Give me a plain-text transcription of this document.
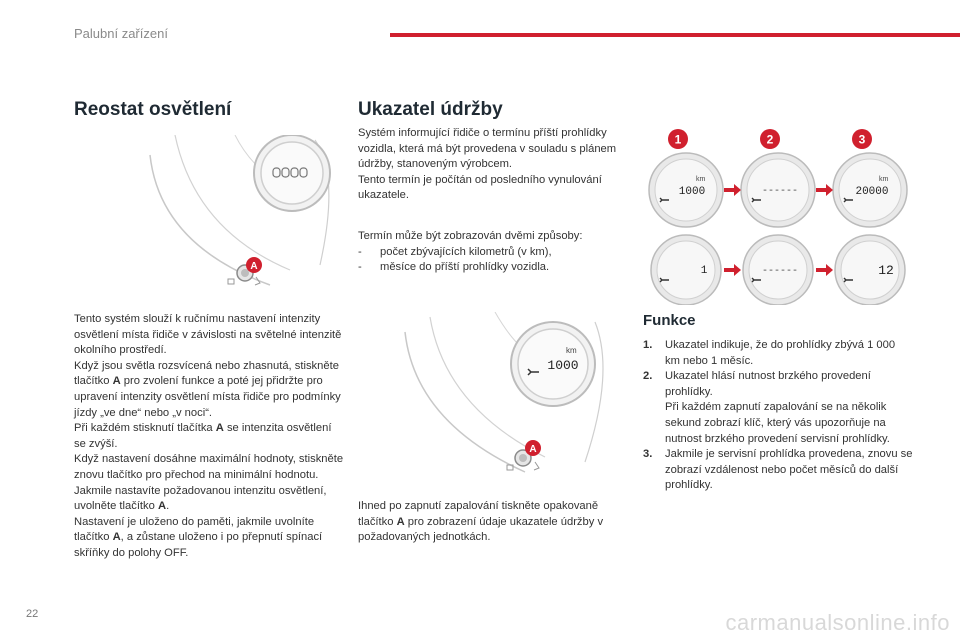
Palubní zařízení
Reostat osvětlení
A

Tento systém slouží k ručnímu nastavení intenzity osvětlení místa řidiče v závislosti na světelné intenzitě okolního prostředí.

Když jsou světla rozsvícená nebo zhasnutá, stiskněte tlačítko A pro zvolení funkce a poté jej přidržte pro upravení intenzity osvětlení místa řidiče pro podmínky jízdy „ve dne“ nebo „v noci“.

Při každém stisknutí tlačítka A se intenzita osvětlení se zvýší.

Když nastavení dosáhne maximální hodnoty, stiskněte znovu tlačítko pro přechod na minimální hodnotu.

Jakmile nastavíte požadovanou intenzitu osvětlení, uvolněte tlačítko A.

Nastavení je uloženo do paměti, jakmile uvolníte tlačítko A, a zůstane uloženo i po přepnutí spínací skříňky do polohy OFF.

Ukazatel údržby

Systém informující řidiče o termínu příští prohlídky vozidla, která má být provedena v souladu s plánem údržby, stanoveným výrobcem.

Tento termín je počítán od posledního vynulování ukazatele.

Termín může být zobrazován dvěmi způsoby:

-	počet zbývajících kilometrů (v km),
-	měsíce do příští prohlídky vozidla.
km
1000
A

Ihned po zapnutí zapalování tiskněte opakovaně tlačítko A pro zobrazení údaje ukazatele údržby v požadovaných jednotkách.

1	2	3
km
1000	------
km
20000
1	------	12
Funkce
1.	Ukazatel indikuje, že do prohlídky zbývá 1 000 km nebo 1 měsíc.
2.	Ukazatel hlásí nutnost brzkého provedení prohlídky.
Při každém zapnutí zapalování se na několik sekund zobrazí klíč, který vás upozorňuje na nutnost brzkého provedení servisní prohlídky.
3.	Jakmile je servisní prohlídka provedena, znovu se zobrazí vzdálenost nebo počet měsíců do další prohlídky.
22	carmanualsonline.info
